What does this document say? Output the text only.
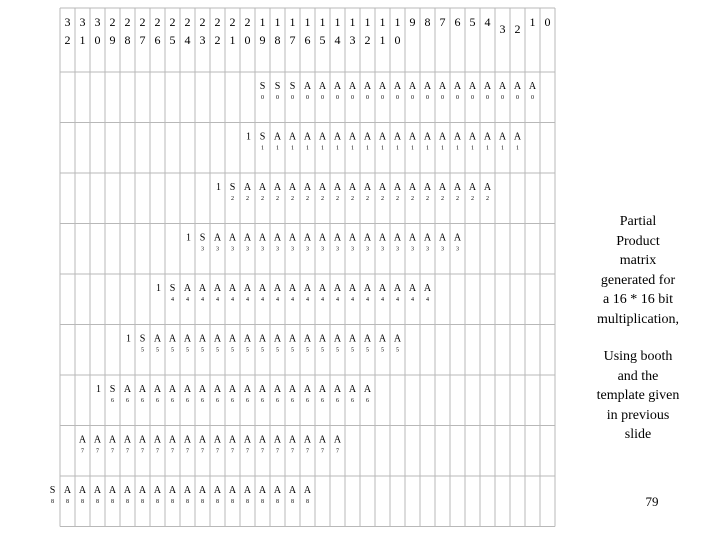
3
2
3
1
3
0
2
9
2
8
2
7
2
6
2
5
2
4
2
3
2
2
2
1
2
0
1
9
1
8
1
7
1
6
1
5
1
4
1
3
1
2
1
1
1
0
9 8 7 6 5 4 3 2 1 0
S
0
S
0
S
0
A
0
A
0
A
0
A
0
A
0
A
0
A
0
A
0
A
0
A
0
A
0
A
0
A
0
A
0
A
0
A
0
S
1
A
1
A
1
A
1
A
1
A
1
A
1
A
1
A
1
A
1
A
1
A
1
A
1
A
1
A
1
A
1
A
1
A
1
1
S
2
A
2
A
2
A
2
A
2
A
2
A
2
A
2
A
2
A
2
A
2
A
2
A
2
A
2
A
2
A
2
A
2
A
2
1
S
3
A
3
A
3
A
3
A
3
A
3
A
3
A
3
A
3
A
3
A
3
A
3
A
3
A
3
A
3
A
3
A
3
A
3
1
S
4
A
4
A
4
A
4
A
4
A
4
A
4
A
4
A
4
A
4
A
4
A
4
A
4
A
4
A
4
A
4
A
4
A
4
1
S
5
A
5
A
5
A
5
A
5
A
5
A
5
A
5
A
5
A
5
A
5
A
5
A
5
A
5
A
5
A
5
A
5
A
5
1
S
6
A
6
A
6
A
6
A
6
A
6
A
6
A
6
A
6
A
6
A
6
A
6
A
6
A
6
A
6
A
6
A
6
A
6
1
A
7
A
7
A
7
A
7
A
7
A
7
A
7
A
7
A
7
A
7
A
7
A
7
A
7
A
7
A
7
A
7
A
7
A
7
S
8
A
8
A
8
A
8
A
8
A
8
A
8
A
8
A
8
A
8
A
8
A
8
A
8
A
8
A
8
A
8
A
8
A
8

Partial

Product

matrix

generated for

a 16 * 16 bit

multiplication,

Using booth

and the

template given

in previous

slide

79
